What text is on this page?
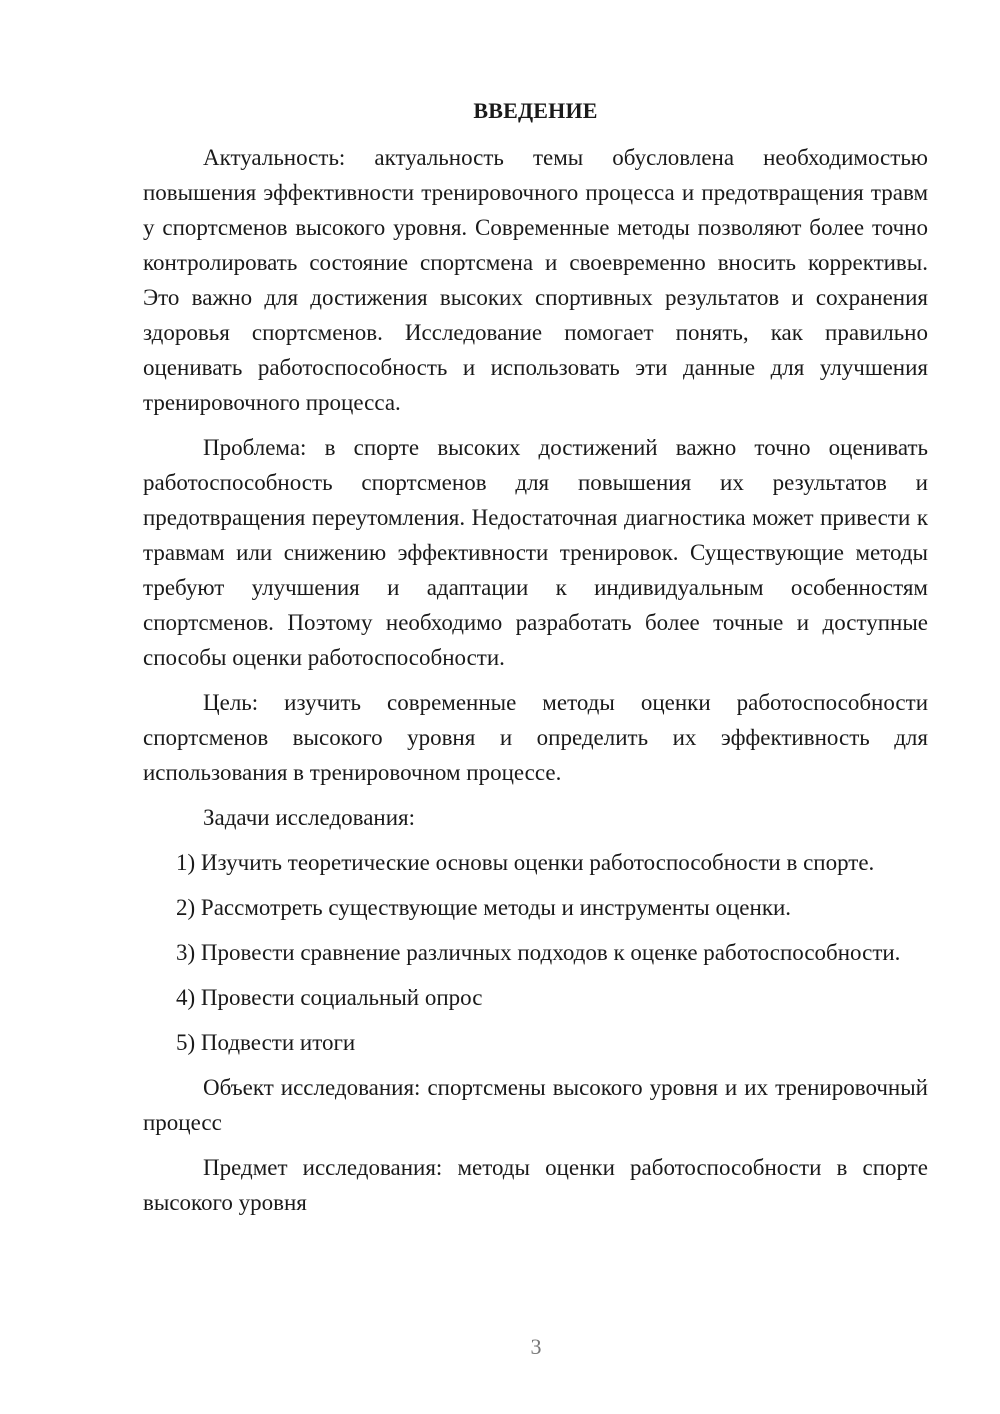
ВВЕДЕНИЕ

Актуальность: актуальность темы обусловлена необходимостью повышения эффективности тренировочного процесса и предотвращения травм у спортсменов высокого уровня. Современные методы позволяют более точно контролировать состояние спортсмена и своевременно вносить коррективы. Это важно для достижения высоких спортивных результатов и сохранения здоровья спортсменов. Исследование помогает понять, как правильно оценивать работоспособность и использовать эти данные для улучшения тренировочного процесса.

Проблема: в спорте высоких достижений важно точно оценивать работоспособность спортсменов для повышения их результатов и предотвращения переутомления. Недостаточная диагностика может привести к травмам или снижению эффективности тренировок. Существующие методы требуют улучшения и адаптации к индивидуальным особенностям спортсменов. Поэтому необходимо разработать более точные и доступные способы оценки работоспособности.

Цель: изучить современные методы оценки работоспособности спортсменов высокого уровня и определить их эффективность для использования в тренировочном процессе.

Задачи исследования:

1) Изучить теоретические основы оценки работоспособности в спорте.

2) Рассмотреть существующие методы и инструменты оценки.

3) Провести сравнение различных подходов к оценке работоспособности.

4) Провести социальный опрос

5) Подвести итоги

Объект исследования: спортсмены высокого уровня и их тренировочный процесс

Предмет исследования: методы оценки работоспособности в спорте высокого уровня

3
